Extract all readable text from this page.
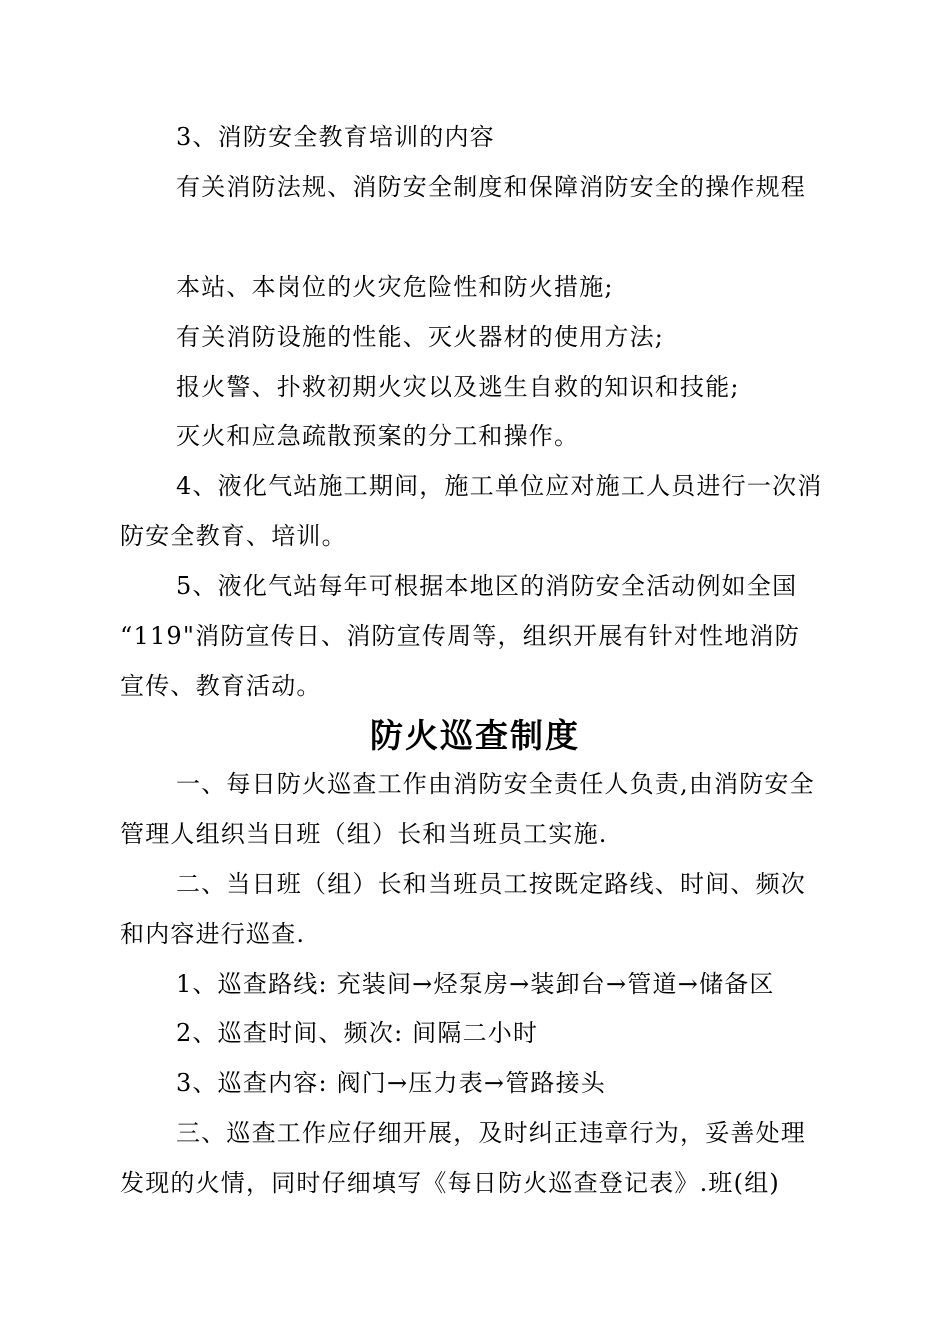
3、消防安全教育培训的内容
有关消防法规、消防安全制度和保障消防安全的操作规程
本站、本岗位的火灾危险性和防火措施;
有关消防设施的性能、灭火器材的使用方法;
报火警、扑救初期火灾以及逃生自救的知识和技能;
灭火和应急疏散预案的分工和操作。
4、液化气站施工期间，施工单位应对施工人员进行一次消
防安全教育、培训。
5、液化气站每年可根据本地区的消防安全活动例如全国
“119"消防宣传日、消防宣传周等，组织开展有针对性地消防
宣传、教育活动。
防火巡查制度
一、每日防火巡查工作由消防安全责任人负责,由消防安全
管理人组织当日班（组）长和当班员工实施.
二、当日班（组）长和当班员工按既定路线、时间、频次
和内容进行巡查.
1、巡查路线: 充装间→烃泵房→装卸台→管道→储备区
2、巡查时间、频次: 间隔二小时
3、巡查内容: 阀门→压力表→管路接头
三、巡查工作应仔细开展，及时纠正违章行为，妥善处理
发现的火情，同时仔细填写《每日防火巡查登记表》.班(组)
